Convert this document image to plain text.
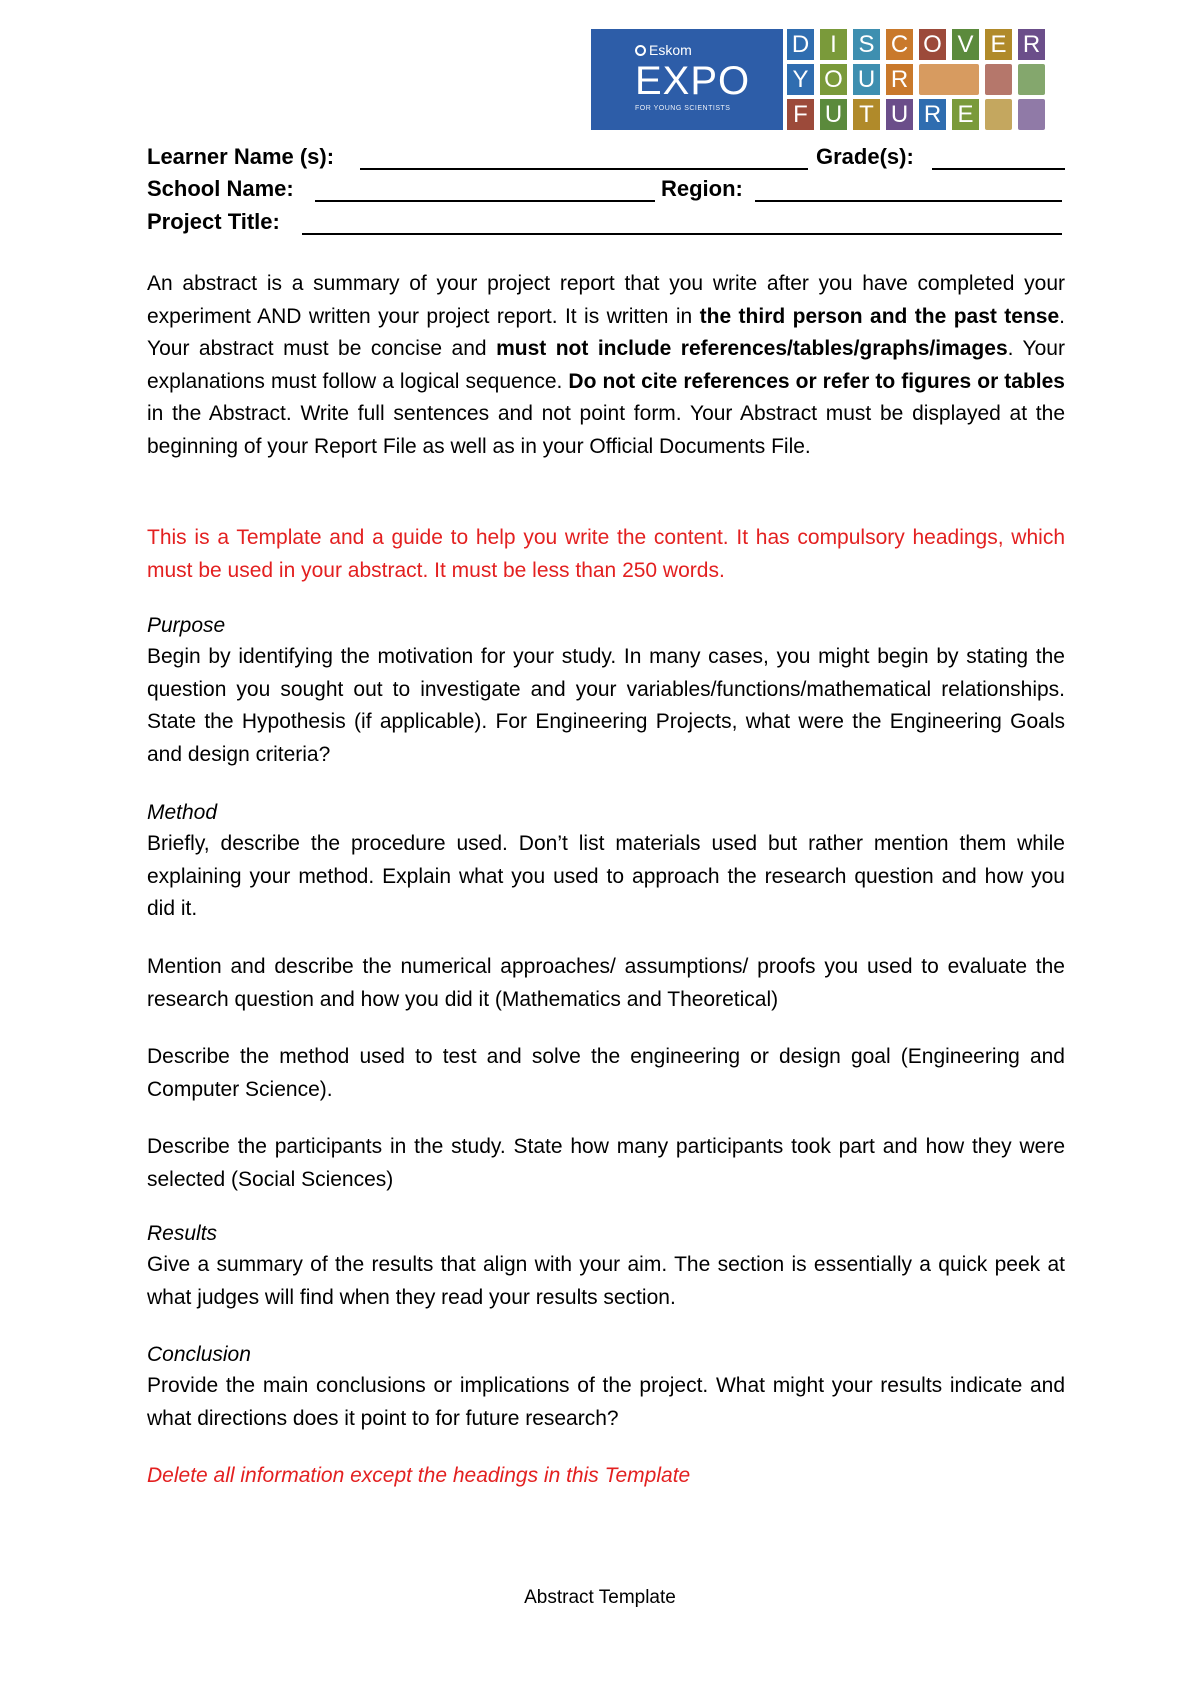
Eskom
EXPO
FOR YOUNG SCIENTISTS
D I S C O V E R
Y O U R
F U T U R E
Learner Name (s):	Grade(s):
School Name:	Region:
Project Title:

An abstract is a summary of your project report that you write after you have completed your experiment AND written your project report. It is written in the third person and the past tense. Your abstract must be concise and must not include references/tables/graphs/images. Your explanations must follow a logical sequence. Do not cite references or refer to figures or tables in the Abstract. Write full sentences and not point form. Your Abstract must be displayed at the beginning of your Report File as well as in your Official Documents File.

This is a Template and a guide to help you write the content. It has compulsory headings, which must be used in your abstract. It must be less than 250 words.

Purpose

Begin by identifying the motivation for your study. In many cases, you might begin by stating the question you sought out to investigate and your variables/functions/mathematical relationships. State the Hypothesis (if applicable). For Engineering Projects, what were the Engineering Goals and design criteria?

Method

Briefly, describe the procedure used. Don’t list materials used but rather mention them while explaining your method. Explain what you used to approach the research question and how you did it.

Mention and describe the numerical approaches/ assumptions/ proofs you used to evaluate the research question and how you did it (Mathematics and Theoretical)

Describe the method used to test and solve the engineering or design goal (Engineering and Computer Science).

Describe the participants in the study. State how many participants took part and how they were selected (Social Sciences)

Results

Give a summary of the results that align with your aim. The section is essentially a quick peek at what judges will find when they read your results section.

Conclusion

Provide the main conclusions or implications of the project. What might your results indicate and what directions does it point to for future research?

Delete all information except the headings in this Template

Abstract Template
